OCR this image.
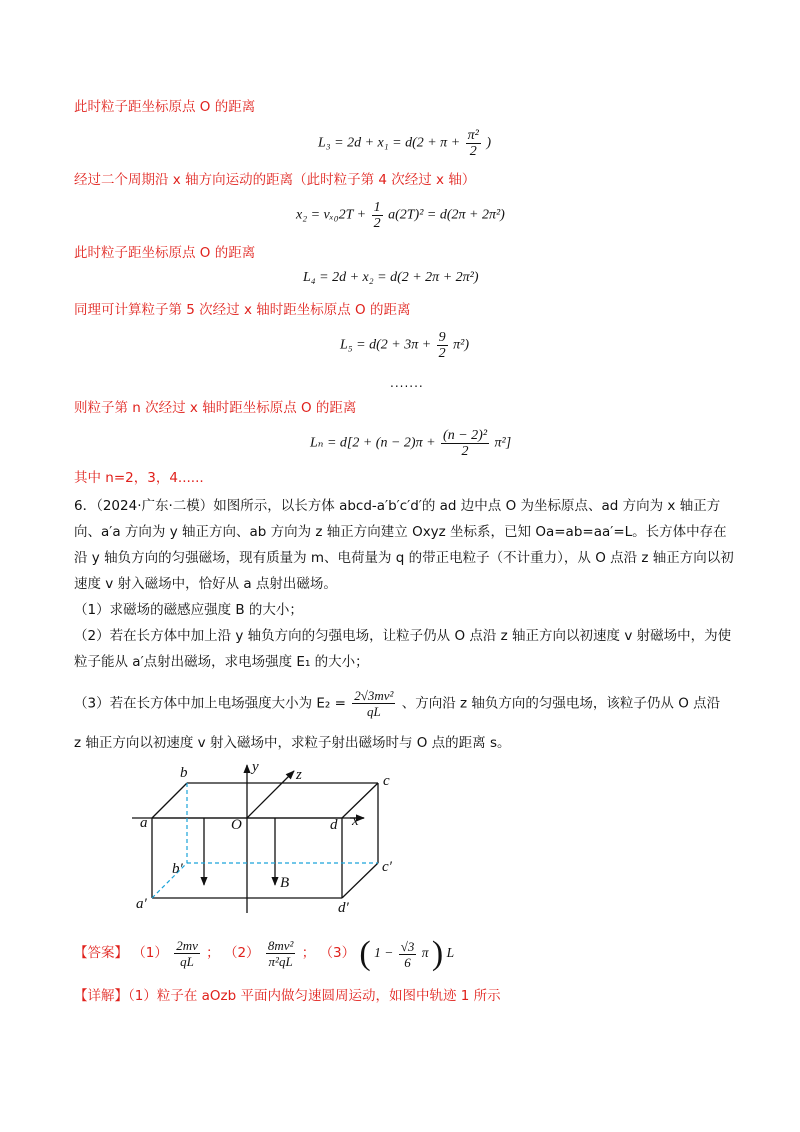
此时粒子距坐标原点 O 的距离
$L_3 = 2d + x_1 = d(2 + \pi + \frac{\text{π²}}{2}$ )
经过二个周期沿 x 轴方向运动的距离（此时粒子第 4 次经过 x 轴）
$x_2 = v_{x0}2T + \frac{1}{2} a(2T)^2 = d(2\pi + 2\pi^2)$
此时粒子距坐标原点 O 的距离
L₄ = 2d + x₂ = d(2 + 2π + 2π²)
同理可计算粒子第 5 次经过 x 轴时距坐标原点 O 的距离
$L_5 = d(2 + 3\pi + \frac{9}{2} \pi^2)$
.......
则粒子第 n 次经过 x 轴时距坐标原点 O 的距离
$L_n = d[2 + (n - 2)\pi + \frac{\text{(n − 2)²}}{2} \pi^2]$
其中 n=2，3，4......
6．（2024·广东·二模）如图所示，以长方体 abcd-a′b′c′d′的 ad 边中点 O 为坐标原点、ad 方向为 x 轴正方向、a′a 方向为 y 轴正方向、ab 方向为 z 轴正方向建立 Oxyz 坐标系，已知 Oa=ab=aa′=L。长方体中存在沿 y 轴负方向的匀强磁场，现有质量为 m、电荷量为 q 的带正电粒子（不计重力），从 O 点沿 z 轴正方向以初速度 v 射入磁场中，恰好从 a 点射出磁场。
（1）求磁场的磁感应强度 B 的大小；
（2）若在长方体中加上沿 y 轴负方向的匀强电场，让粒子仍从 O 点沿 z 轴正方向以初速度 v 射磁场中，为使粒子能从 a′点射出磁场，求电场强度 E₁ 的大小；
（3）若在长方体中加上电场强度大小为 $E_2 = \frac{\text{2√3mv²}}{qL}$ 、方向沿 z 轴负方向的匀强电场，该粒子仍从 O 点沿
z 轴正方向以初速度 v 射入磁场中，求粒子射出磁场时与 O 点的距离 s。
b	c
a	O	d x
y z
b′	c′
a′	d′
B
【答案】 $(1) \frac{2mv}{qL}$ ； $(2) \frac{\text{8mv²}}{\text{π²qL}}$ ； （3） ( $1 - \frac{√3}{6}$ π ) L
【详解】（1）粒子在 aOzb 平面内做匀速圆周运动，如图中轨迹 1 所示
